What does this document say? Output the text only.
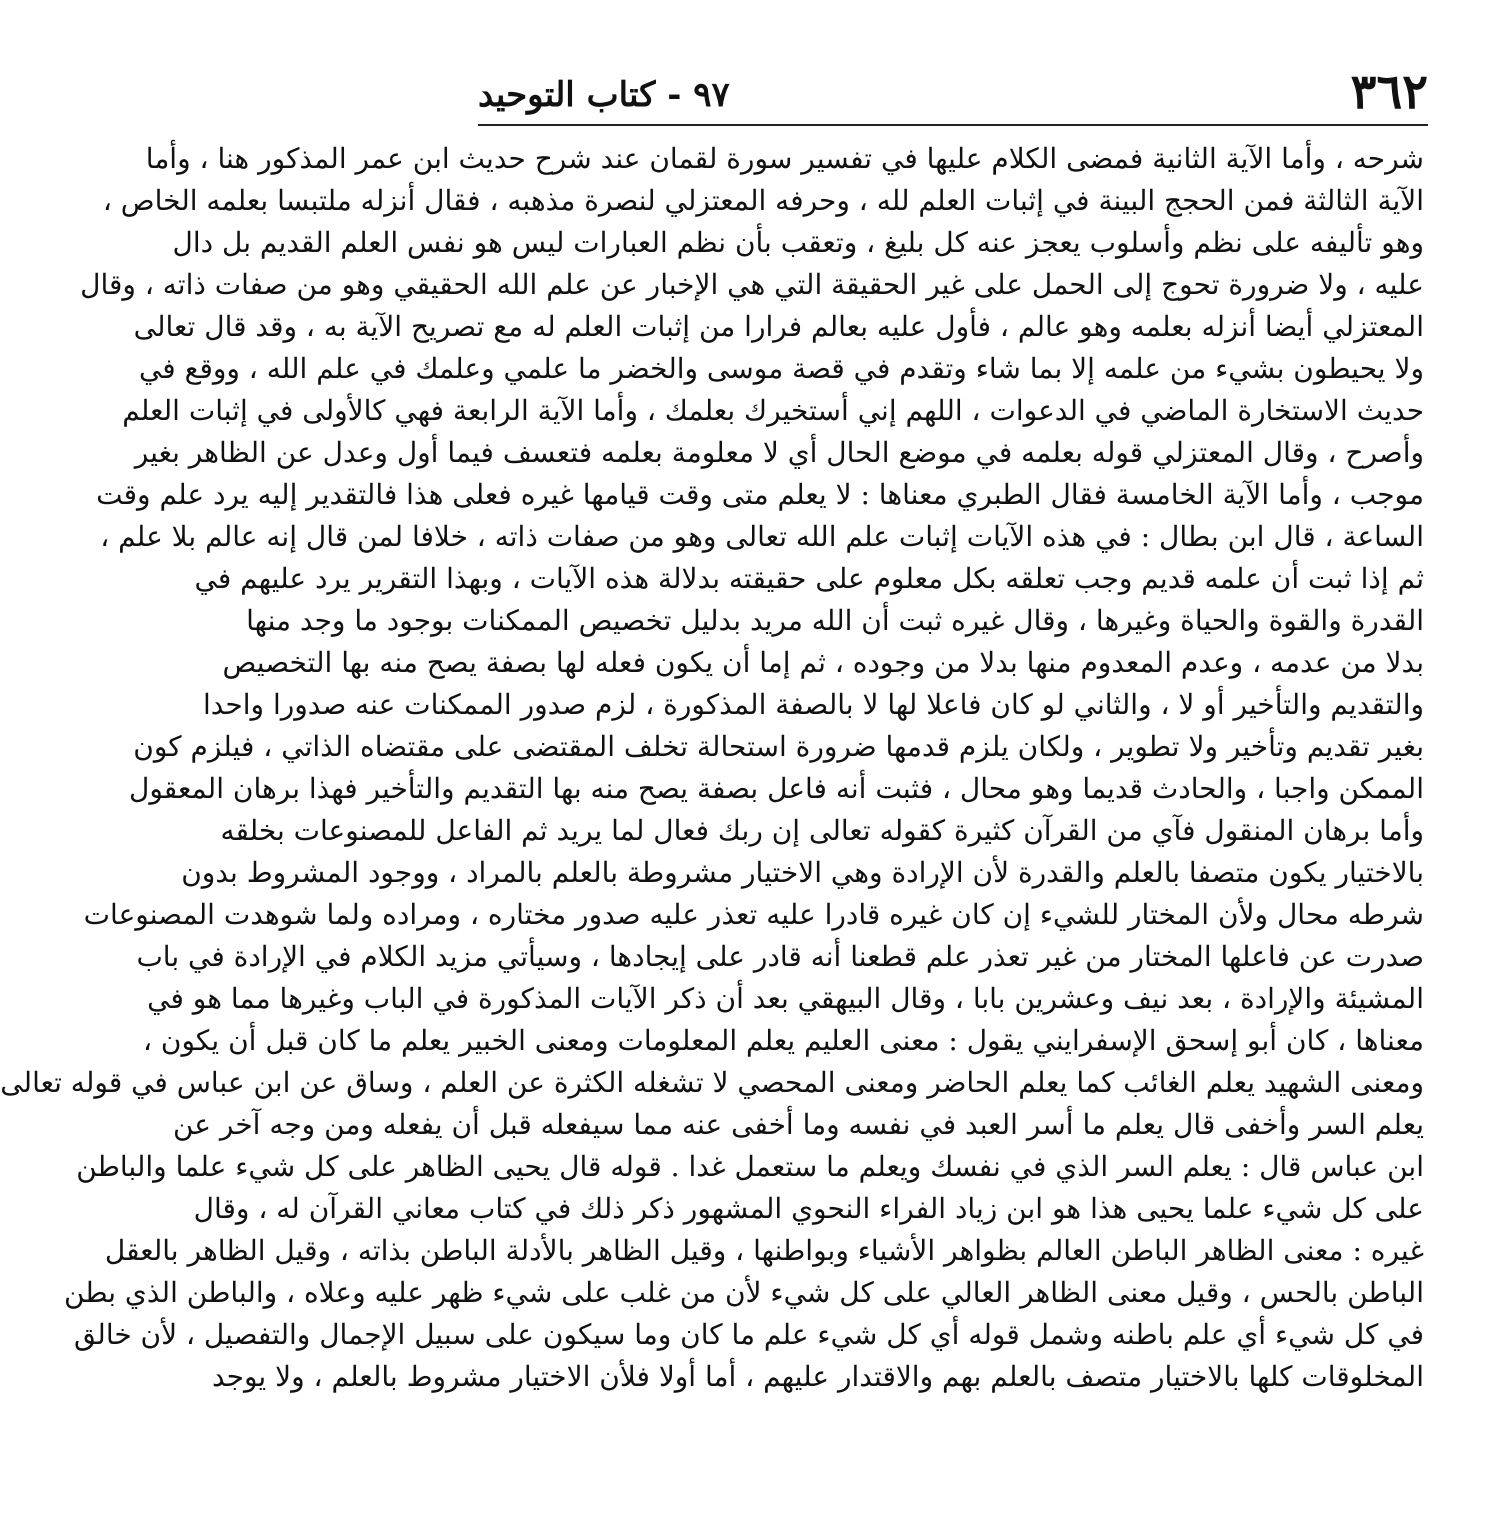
٣٦٢
٩٧ - كتاب التوحيد
شرحه ، وأما الآية الثانية فمضى الكلام عليها في تفسير سورة لقمان عند شرح حديث ابن عمر المذكور هنا ، وأما
الآية الثالثة فمن الحجج البينة في إثبات العلم لله ، وحرفه المعتزلي لنصرة مذهبه ، فقال أنزله ملتبسا بعلمه الخاص ،
وهو تأليفه على نظم وأسلوب يعجز عنه كل بليغ ، وتعقب بأن نظم العبارات ليس هو نفس العلم القديم بل دال
عليه ، ولا ضرورة تحوج إلى الحمل على غير الحقيقة التي هي الإخبار عن علم الله الحقيقي وهو من صفات ذاته ، وقال
المعتزلي أيضا أنزله بعلمه وهو عالم ، فأول عليه بعالم فرارا من إثبات العلم له مع تصريح الآية به ، وقد قال تعالى
ولا يحيطون بشيء من علمه إلا بما شاء وتقدم في قصة موسى والخضر ما علمي وعلمك في علم الله ، ووقع في
حديث الاستخارة الماضي في الدعوات ، اللهم إني أستخيرك بعلمك ، وأما الآية الرابعة فهي كالأولى في إثبات العلم
وأصرح ، وقال المعتزلي قوله بعلمه في موضع الحال أي لا معلومة بعلمه فتعسف فيما أول وعدل عن الظاهر بغير
موجب ، وأما الآية الخامسة فقال الطبري معناها : لا يعلم متى وقت قيامها غيره فعلى هذا فالتقدير إليه يرد علم وقت
الساعة ، قال ابن بطال : في هذه الآيات إثبات علم الله تعالى وهو من صفات ذاته ، خلافا لمن قال إنه عالم بلا علم ،
ثم إذا ثبت أن علمه قديم وجب تعلقه بكل معلوم على حقيقته بدلالة هذه الآيات ، وبهذا التقرير يرد عليهم في
القدرة والقوة والحياة وغيرها ، وقال غيره ثبت أن الله مريد بدليل تخصيص الممكنات بوجود ما وجد منها
بدلا من عدمه ، وعدم المعدوم منها بدلا من وجوده ، ثم إما أن يكون فعله لها بصفة يصح منه بها التخصيص
والتقديم والتأخير أو لا ، والثاني لو كان فاعلا لها لا بالصفة المذكورة ، لزم صدور الممكنات عنه صدورا واحدا
بغير تقديم وتأخير ولا تطوير ، ولكان يلزم قدمها ضرورة استحالة تخلف المقتضى على مقتضاه الذاتي ، فيلزم كون
الممكن واجبا ، والحادث قديما وهو محال ، فثبت أنه فاعل بصفة يصح منه بها التقديم والتأخير فهذا برهان المعقول
وأما برهان المنقول فآي من القرآن كثيرة كقوله تعالى إن ربك فعال لما يريد ثم الفاعل للمصنوعات بخلقه
بالاختيار يكون متصفا بالعلم والقدرة لأن الإرادة وهي الاختيار مشروطة بالعلم بالمراد ، ووجود المشروط بدون
شرطه محال ولأن المختار للشيء إن كان غيره قادرا عليه تعذر عليه صدور مختاره ، ومراده ولما شوهدت المصنوعات
صدرت عن فاعلها المختار من غير تعذر علم قطعنا أنه قادر على إيجادها ، وسيأتي مزيد الكلام في الإرادة في باب
المشيئة والإرادة ، بعد نيف وعشرين بابا ، وقال البيهقي بعد أن ذكر الآيات المذكورة في الباب وغيرها مما هو في
معناها ، كان أبو إسحق الإسفرايني يقول : معنى العليم يعلم المعلومات ومعنى الخبير يعلم ما كان قبل أن يكون ،
ومعنى الشهيد يعلم الغائب كما يعلم الحاضر ومعنى المحصي لا تشغله الكثرة عن العلم ، وساق عن ابن عباس في قوله تعالى
يعلم السر وأخفى قال يعلم ما أسر العبد في نفسه وما أخفى عنه مما سيفعله قبل أن يفعله ومن وجه آخر عن
ابن عباس قال : يعلم السر الذي في نفسك ويعلم ما ستعمل غدا . قوله قال يحيى الظاهر على كل شيء علما والباطن
على كل شيء علما يحيى هذا هو ابن زياد الفراء النحوي المشهور ذكر ذلك في كتاب معاني القرآن له ، وقال
غيره : معنى الظاهر الباطن العالم بظواهر الأشياء وبواطنها ، وقيل الظاهر بالأدلة الباطن بذاته ، وقيل الظاهر بالعقل
الباطن بالحس ، وقيل معنى الظاهر العالي على كل شيء لأن من غلب على شيء ظهر عليه وعلاه ، والباطن الذي بطن
في كل شيء أي علم باطنه وشمل قوله أي كل شيء علم ما كان وما سيكون على سبيل الإجمال والتفصيل ، لأن خالق
المخلوقات كلها بالاختيار متصف بالعلم بهم والاقتدار عليهم ، أما أولا فلأن الاختيار مشروط بالعلم ، ولا يوجد
